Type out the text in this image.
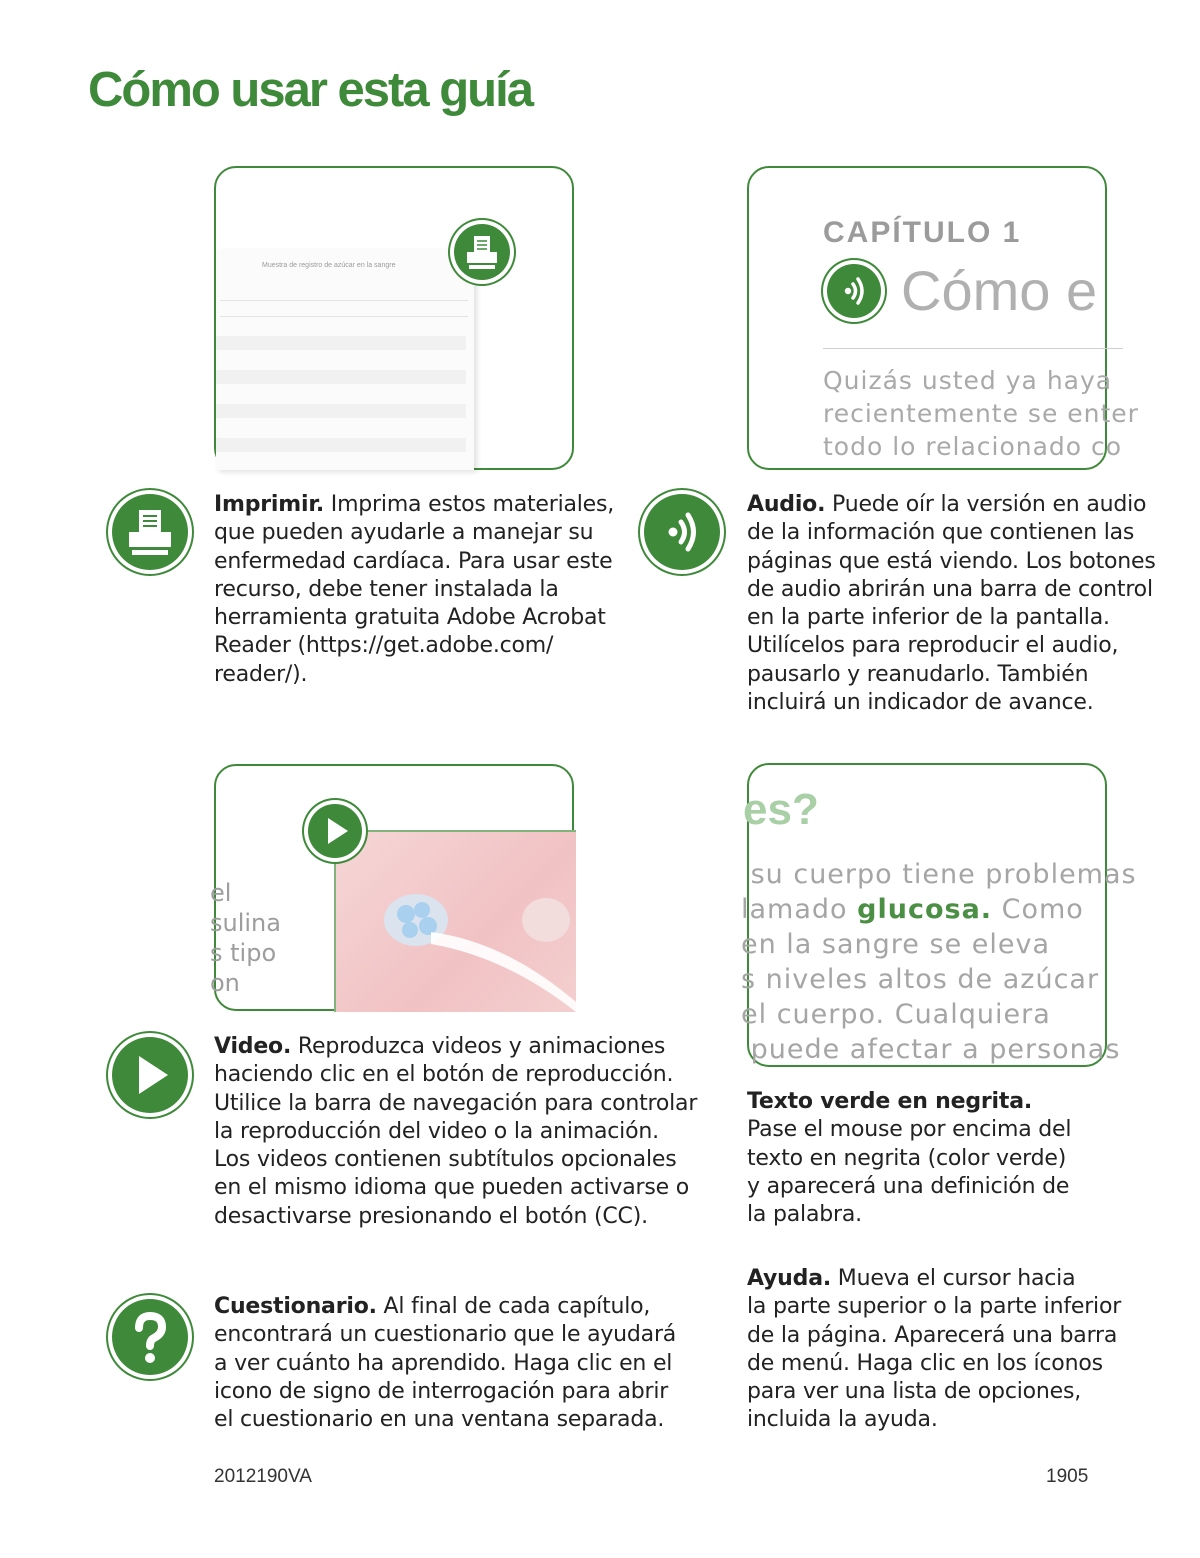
Cómo usar esta guía
Muestra de registro de azúcar en la sangre
CAPÍTULO 1
Cómo e
Quizás usted ya haya
recientemente se enter
todo lo relacionado co
el
sulina
s tipo
on
es?
su cuerpo tiene problemas
lamado glucosa. Como
en la sangre se eleva
s niveles altos de azúcar
el cuerpo. Cualquiera
puede afectar a personas

Imprimir. Imprima estos materiales,
que pueden ayudarle a manejar su
enfermedad cardíaca. Para usar este
recurso, debe tener instalada la
herramienta gratuita Adobe Acrobat
Reader (https://get.adobe.com/
reader/).

Audio. Puede oír la versión en audio
de la información que contienen las
páginas que está viendo. Los botones
de audio abrirán una barra de control
en la parte inferior de la pantalla.
Utilícelos para reproducir el audio,
pausarlo y reanudarlo. También
incluirá un indicador de avance.

Video. Reproduzca videos y animaciones
haciendo clic en el botón de reproducción.
Utilice la barra de navegación para controlar
la reproducción del video o la animación.
Los videos contienen subtítulos opcionales
en el mismo idioma que pueden activarse o
desactivarse presionando el botón (CC).

Texto verde en negrita.
Pase el mouse por encima del
texto en negrita (color verde)
y aparecerá una definición de
la palabra.

Cuestionario. Al final de cada capítulo,
encontrará un cuestionario que le ayudará
a ver cuánto ha aprendido. Haga clic en el
icono de signo de interrogación para abrir
el cuestionario en una ventana separada.

Ayuda. Mueva el cursor hacia
la parte superior o la parte inferior
de la página. Aparecerá una barra
de menú. Haga clic en los íconos
para ver una lista de opciones,
incluida la ayuda.

2012190VA	1905
